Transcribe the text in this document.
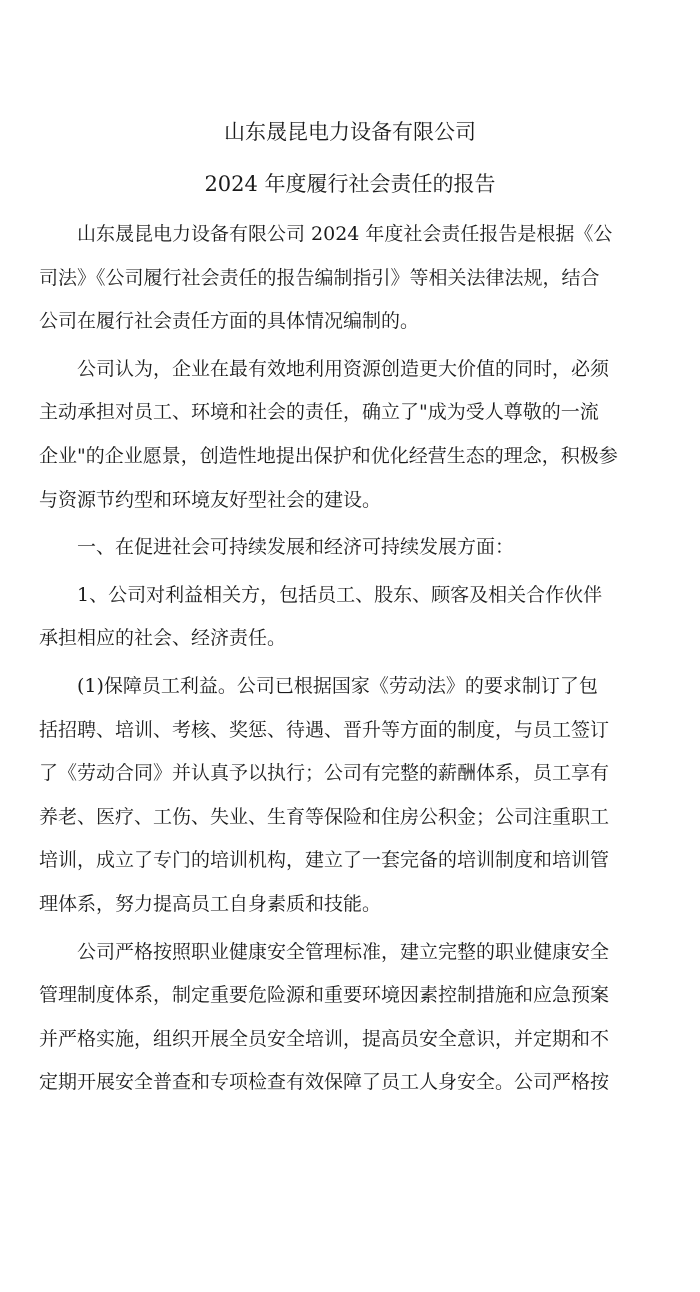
山东晟昆电力设备有限公司
2024 年度履行社会责任的报告

山东晟昆电力设备有限公司 2024 年度社会责任报告是根据《公
司法》《公司履行社会责任的报告编制指引》等相关法律法规，结合
公司在履行社会责任方面的具体情况编制的。

公司认为，企业在最有效地利用资源创造更大价值的同时，必须
主动承担对员工、环境和社会的责任，确立了"成为受人尊敬的一流
企业"的企业愿景，创造性地提出保护和优化经营生态的理念，积极参
与资源节约型和环境友好型社会的建设。

一、在促进社会可持续发展和经济可持续发展方面：

1、公司对利益相关方，包括员工、股东、顾客及相关合作伙伴
承担相应的社会、经济责任。

(1)保障员工利益。公司已根据国家《劳动法》的要求制订了包
括招聘、培训、考核、奖惩、待遇、晋升等方面的制度，与员工签订
了《劳动合同》并认真予以执行；公司有完整的薪酬体系，员工享有
养老、医疗、工伤、失业、生育等保险和住房公积金；公司注重职工
培训，成立了专门的培训机构，建立了一套完备的培训制度和培训管
理体系，努力提高员工自身素质和技能。

公司严格按照职业健康安全管理标准，建立完整的职业健康安全
管理制度体系，制定重要危险源和重要环境因素控制措施和应急预案
并严格实施，组织开展全员安全培训，提高员安全意识，并定期和不
定期开展安全普查和专项检查有效保障了员工人身安全。公司严格按
